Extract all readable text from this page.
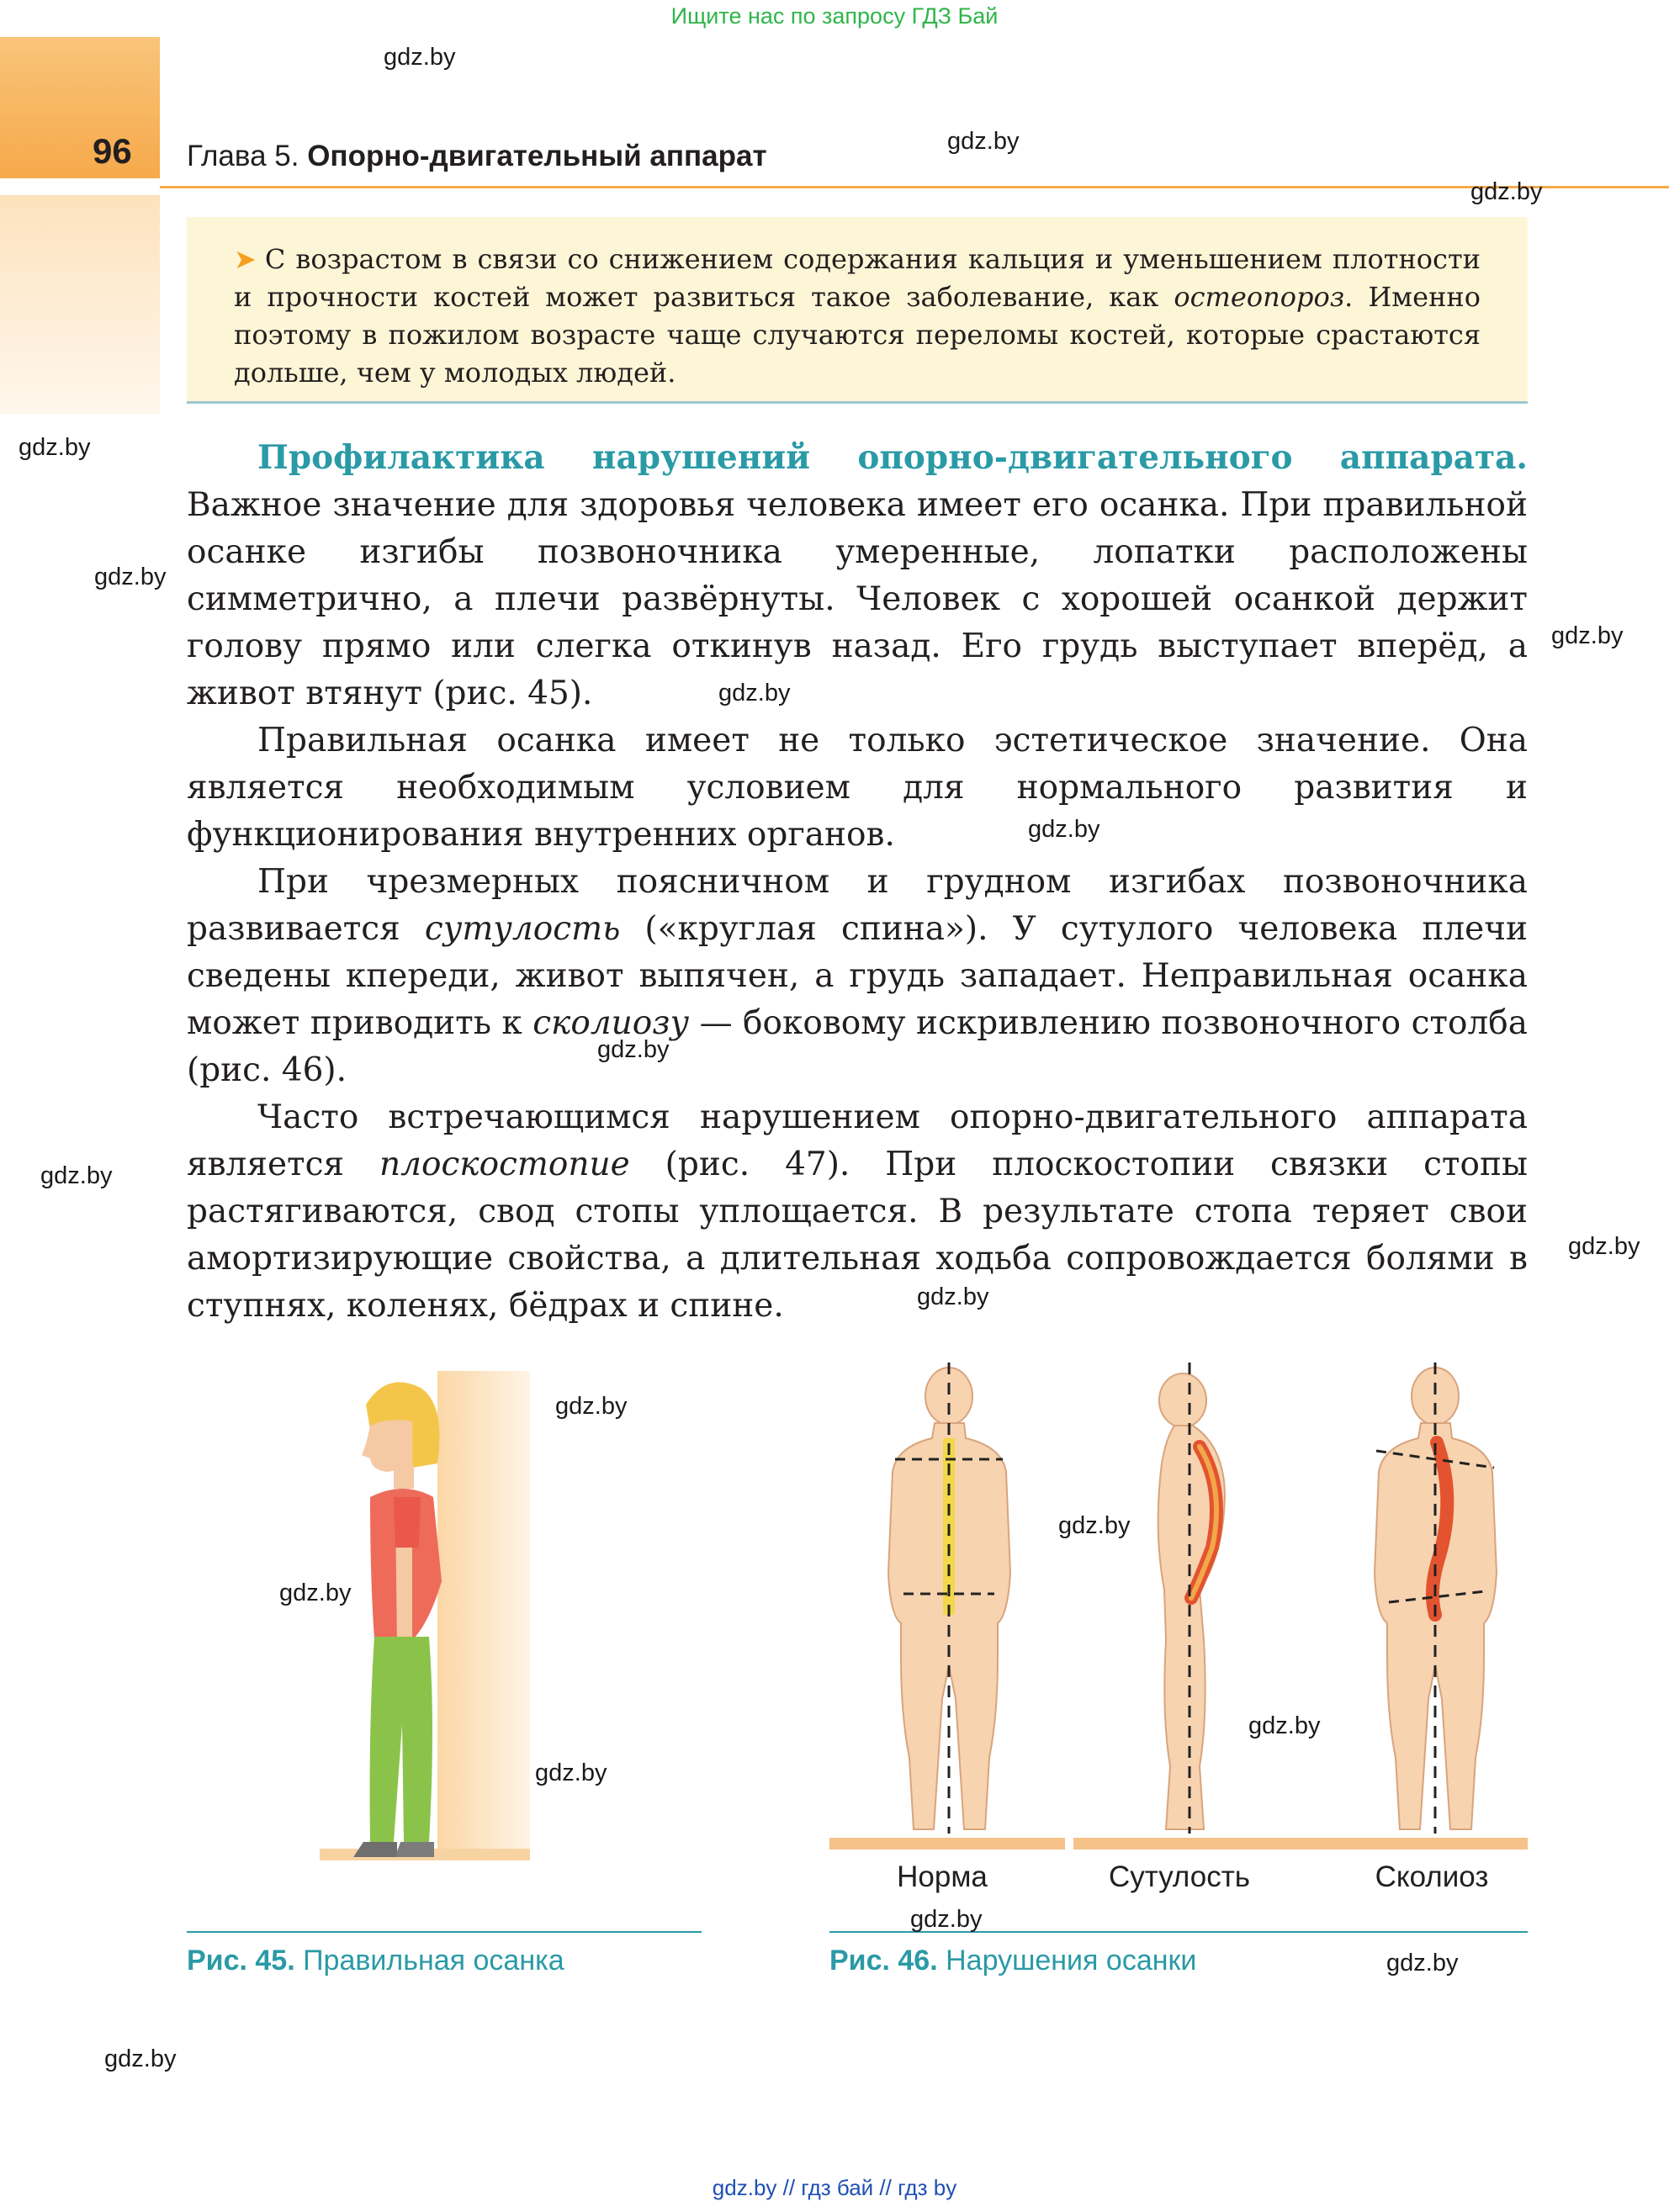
Ищите нас по запросу ГДЗ Бай
96 Глава 5. Опорно-двигательный аппарат

➤ С возрастом в связи со снижением содержания кальция и уменьшением плотности и прочности костей может развиться такое заболевание, как остеопороз. Именно поэтому в пожилом возрасте чаще случаются переломы костей, которые срастаются дольше, чем у молодых людей.

Профилактика нарушений опорно-двигательного аппарата. Важное значение для здоровья человека имеет его осанка. При правильной осанке изгибы позвоночника умеренные, лопатки расположены симметрично, а плечи развёрнуты. Человек с хорошей осанкой держит голову прямо или слегка откинув назад. Его грудь выступает вперёд, а живот втянут (рис. 45).

Правильная осанка имеет не только эстетическое значение. Она является необходимым условием для нормального развития и функционирования внутренних органов.

При чрезмерных поясничном и грудном изгибах позвоночника развивается сутулость («круглая спина»). У сутулого человека плечи сведены кпереди, живот выпячен, а грудь западает. Неправильная осанка может приводить к сколиозу — боковому искривлению позвоночного столба (рис. 46).

Часто встречающимся нарушением опорно-двигательного аппарата является плоскостопие (рис. 47). При плоскостопии связки стопы растягиваются, свод стопы уплощается. В результате стопа теряет свои амортизирующие свойства, а длительная ходьба сопровождается болями в ступнях, коленях, бёдрах и спине.

Рис. 45. Правильная осанка
Норма	Сутулость	Сколиоз
Рис. 46. Нарушения осанки
gdz.by
gdz.by
gdz.by
gdz.by
gdz.by
gdz.by
gdz.by
gdz.by
gdz.by
gdz.by
gdz.by
gdz.by
gdz.by
gdz.by
gdz.by
gdz.by
gdz.by
gdz.by
gdz.by
gdz.by
gdz.by // гдз бай // гдз by
